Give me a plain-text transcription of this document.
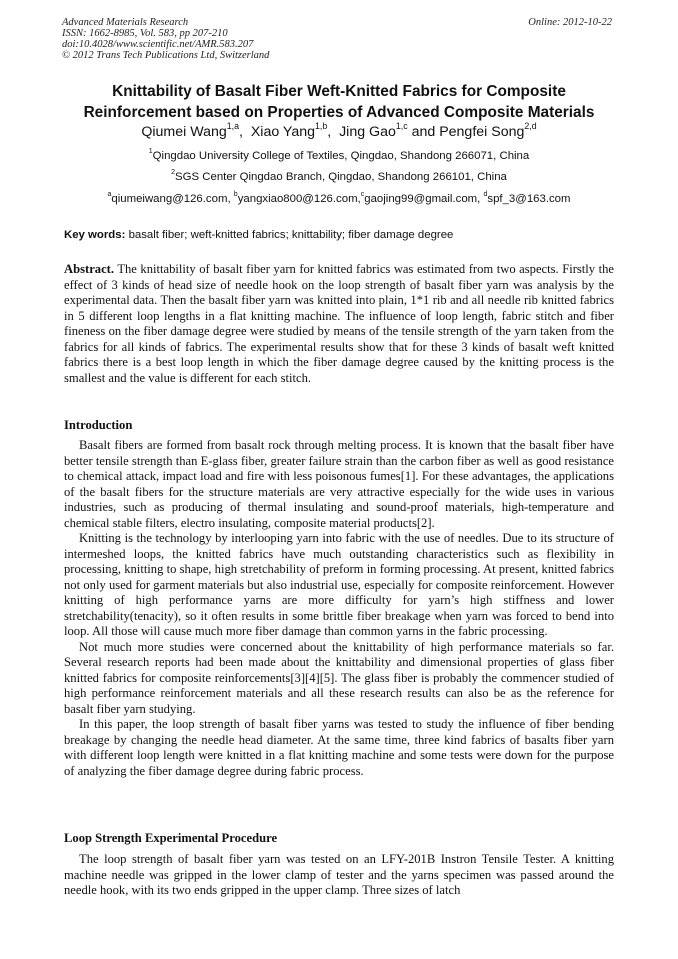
Advanced Materials Research
ISSN: 1662-8985, Vol. 583, pp 207-210
doi:10.4028/www.scientific.net/AMR.583.207
© 2012 Trans Tech Publications Ltd, Switzerland
Online: 2012-10-22
Knittability of Basalt Fiber Weft-Knitted Fabrics for Composite
Reinforcement based on Properties of Advanced Composite Materials
Qiumei Wang$^{1,a}$,  Xiao Yang$^{1,b}$,  Jing Gao$^{1,c}$ and Pengfei Song$^{2,d}$
$^1$Qingdao University College of Textiles, Qingdao, Shandong 266071, China
$^2$SGS Center Qingdao Branch, Qingdao, Shandong 266101, China
$^a$qiumeiwang@126.com, $^b$yangxiao800@126.com,$^c$gaojing99@gmail.com, $^d$spf_3@163.com
Key words: basalt fiber; weft-knitted fabrics; knittability; fiber damage degree

Abstract. The knittability of basalt fiber yarn for knitted fabrics was estimated from two aspects. Firstly the effect of 3 kinds of head size of needle hook on the loop strength of basalt fiber yarn was analysis by the experimental data. Then the basalt fiber yarn was knitted into plain, 1*1 rib and all needle rib knitted fabrics in 5 different loop lengths in a flat knitting machine. The influence of loop length, fabric stitch and fiber fineness on the fiber damage degree were studied by means of the tensile strength of the yarn taken from the fabrics for all kinds of fabrics. The experimental results show that for these 3 kinds of basalt weft knitted fabrics there is a best loop length in which the fiber damage degree caused by the knitting process is the smallest and the value is different for each stitch.

Introduction

Basalt fibers are formed from basalt rock through melting process. It is known that the basalt fiber have better tensile strength than E-glass fiber, greater failure strain than the carbon fiber as well as good resistance to chemical attack, impact load and fire with less poisonous fumes[1]. For these advantages, the applications of the basalt fibers for the structure materials are very attractive especially for the wide uses in various industries, such as producing of thermal insulating and sound-proof materials, high-temperature and chemical stable filters, electro insulating, composite material products[2].

Knitting is the technology by interlooping yarn into fabric with the use of needles. Due to its structure of intermeshed loops, the knitted fabrics have much outstanding characteristics such as flexibility in processing, knitting to shape, high stretchability of preform in forming processing. At present, knitted fabrics not only used for garment materials but also industrial use, especially for composite reinforcement. However knitting of high performance yarns are more difficulty for yarn’s high stiffness and lower stretchability(tenacity), so it often results in some brittle fiber breakage when yarn was forced to bend into loop. All those will cause much more fiber damage than common yarns in the fabric processing.

Not much more studies were concerned about the knittability of high performance materials so far. Several research reports had been made about the knittability and dimensional properties of glass fiber knitted fabrics for composite reinforcements[3][4][5]. The glass fiber is probably the commencer studied of high performance reinforcement materials and all these research results can also be as the reference for basalt fiber yarn studying.

In this paper, the loop strength of basalt fiber yarns was tested to study the influence of fiber bending breakage by changing the needle head diameter. At the same time, three kind fabrics of basalts fiber yarn with different loop length were knitted in a flat knitting machine and some tests were down for the purpose of analyzing the fiber damage degree during fabric process.

Loop Strength Experimental Procedure

The loop strength of basalt fiber yarn was tested on an LFY-201B Instron Tensile Tester. A knitting machine needle was gripped in the lower clamp of tester and the yarns specimen was passed around the needle hook, with its two ends gripped in the upper clamp. Three sizes of latch
